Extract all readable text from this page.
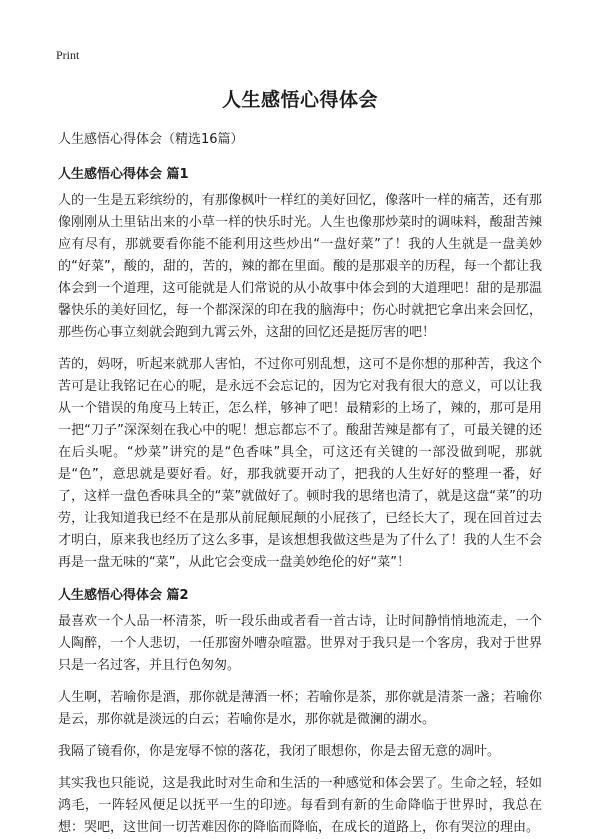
Print
人生感悟心得体会
人生感悟心得体会（精选16篇）
人生感悟心得体会 篇1

人的一生是五彩缤纷的，有那像枫叶一样红的美好回忆，像落叶一样的痛苦，还有那像刚刚从土里钻出来的小草一样的快乐时光。人生也像那炒菜时的调味料，酸甜苦辣应有尽有，那就要看你能不能利用这些炒出“一盘好菜”了！我的人生就是一盘美妙的“好菜”，酸的，甜的，苦的，辣的都在里面。酸的是那艰辛的历程，每一个都让我体会到一个道理，这可能就是人们常说的从小故事中体会到的大道理吧！甜的是那温馨快乐的美好回忆，每一个都深深的印在我的脑海中；伤心时就把它拿出来会回忆，那些伤心事立刻就会跑到九霄云外，这甜的回忆还是挺厉害的吧！

苦的，妈呀，听起来就那人害怕，不过你可别乱想，这可不是你想的那种苦，我这个苦可是让我铭记在心的呢，是永远不会忘记的，因为它对我有很大的意义，可以让我从一个错误的角度马上转正，怎么样，够神了吧！最精彩的上场了，辣的，那可是用一把“刀子”深深刻在我心中的呢！想忘都忘不了。酸甜苦辣是都有了，可最关键的还在后头呢。“炒菜”讲究的是“色香味”具全，可这还有关键的一部没做到呢，那就是“色”，意思就是要好看。好，那我就要开动了，把我的人生好好的整理一番，好了，这样一盘色香味具全的“菜”就做好了。顿时我的思绪也清了，就是这盘“菜”的功劳，让我知道我已经不在是那从前屁颠屁颠的小屁孩了，已经长大了，现在回首过去才明白，原来我也经历了这么多事，是该想想我做这些是为了什么了！我的人生不会再是一盘无味的“菜”，从此它会变成一盘美妙绝伦的好“菜”！

人生感悟心得体会 篇2

最喜欢一个人品一杯清茶，听一段乐曲或者看一首古诗，让时间静悄悄地流走，一个人陶醉，一个人悲切，一任那窗外嘈杂喧嚣。世界对于我只是一个客房，我对于世界只是一名过客，并且行色匆匆。

人生啊，若喻你是酒，那你就是薄酒一杯；若喻你是茶，那你就是清茶一盏；若喻你是云，那你就是淡远的白云；若喻你是水，那你就是微澜的湖水。

我隔了镜看你，你是宠辱不惊的落花，我闭了眼想你，你是去留无意的凋叶。

其实我也只能说，这是我此时对生命和生活的一种感觉和体会罢了。生命之轻，轻如鸿毛，一阵轻风便足以抚平一生的印迹。每看到有新的生命降临于世界时，我总在想：哭吧，这世间一切苦难因你的降临而降临，在成长的道路上，你有哭泣的理由。
